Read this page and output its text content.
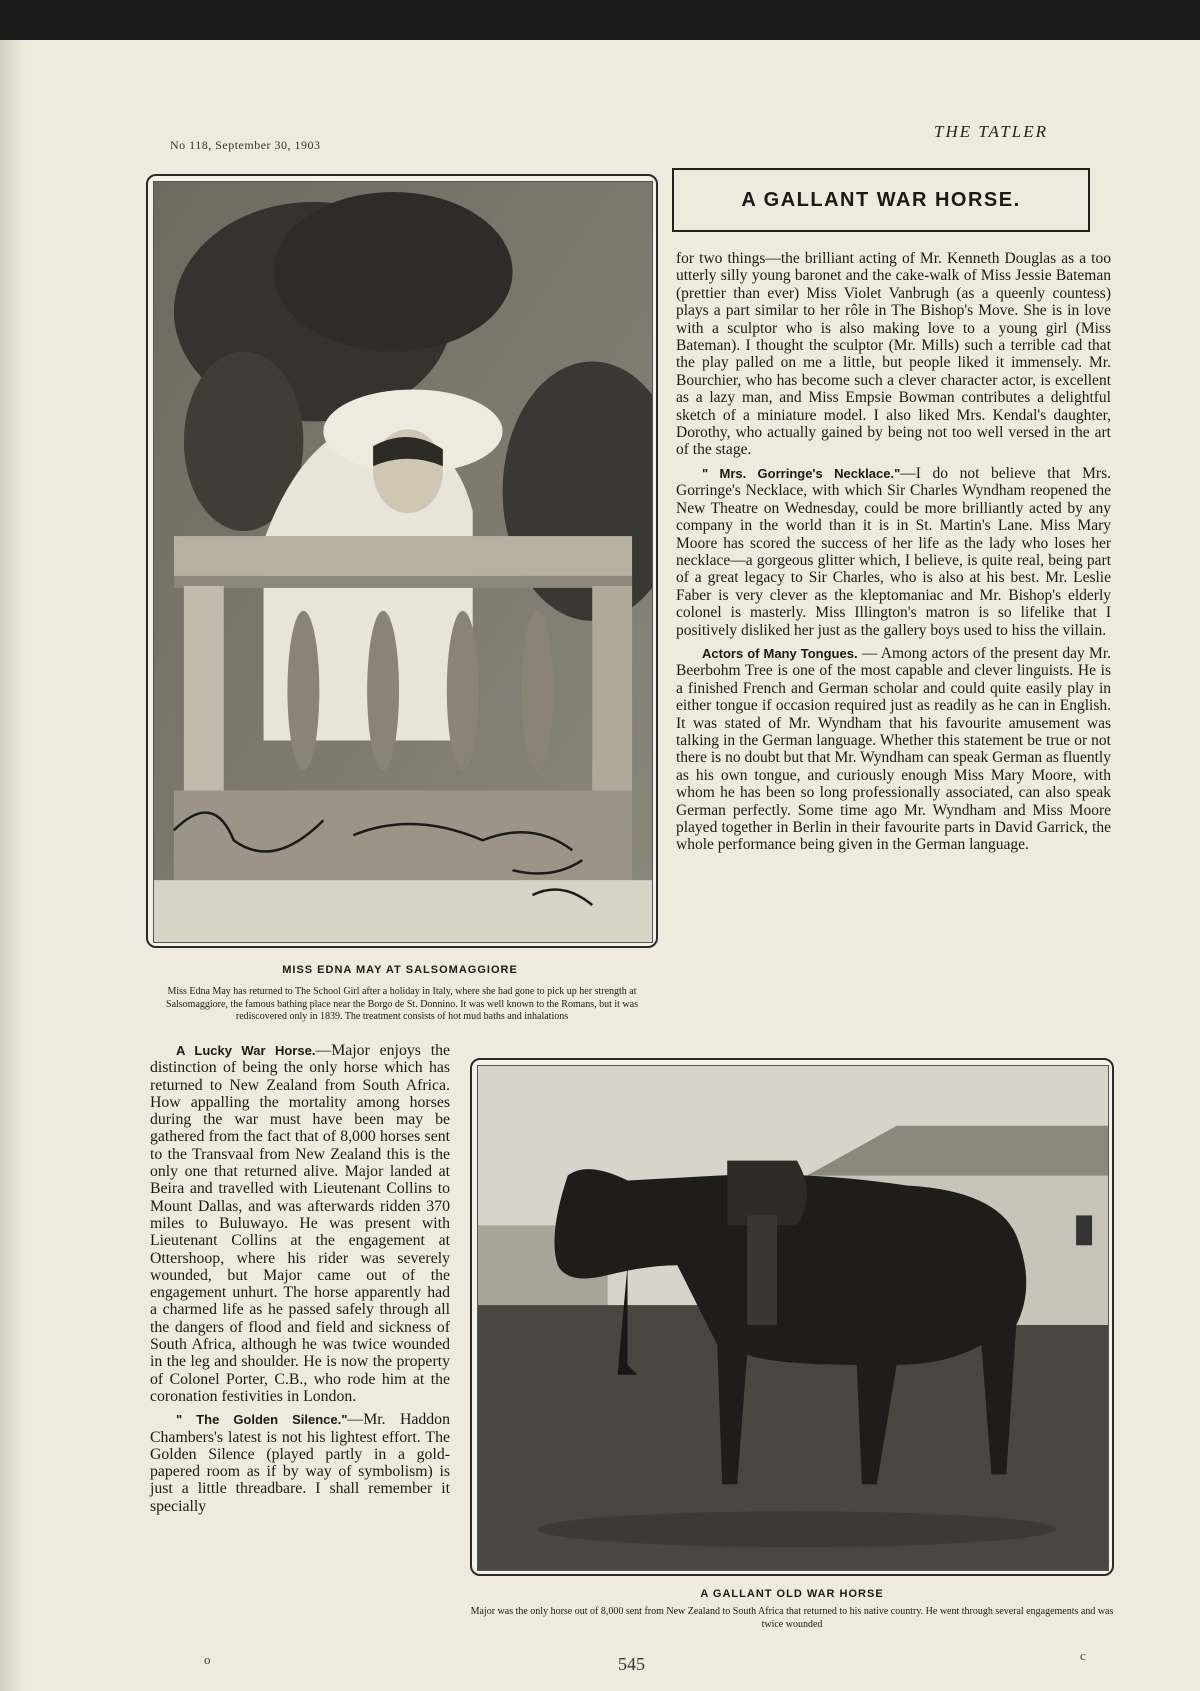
No 118, September 30, 1903
THE TATLER
MISS EDNA MAY AT SALSOMAGGIORE
Miss Edna May has returned to The School Girl after a holiday in Italy, where she had gone to pick up her strength at Salsomaggiore, the famous bathing place near the Borgo de St. Donnino. It was well known to the Romans, but it was rediscovered only in 1839. The treatment consists of hot mud baths and inhalations
A GALLANT WAR HORSE.

for two things—the brilliant acting of Mr. Kenneth Douglas as a too utterly silly young baronet and the cake-walk of Miss Jessie Bateman (prettier than ever) Miss Violet Vanbrugh (as a queenly countess) plays a part similar to her rôle in The Bishop's Move. She is in love with a sculptor who is also making love to a young girl (Miss Bateman). I thought the sculptor (Mr. Mills) such a terrible cad that the play palled on me a little, but people liked it immensely. Mr. Bourchier, who has become such a clever character actor, is excellent as a lazy man, and Miss Empsie Bowman contributes a delightful sketch of a miniature model. I also liked Mrs. Kendal's daughter, Dorothy, who actually gained by being not too well versed in the art of the stage.

" Mrs. Gorringe's Necklace."—I do not believe that Mrs. Gorringe's Necklace, with which Sir Charles Wyndham reopened the New Theatre on Wednesday, could be more brilliantly acted by any company in the world than it is in St. Martin's Lane. Miss Mary Moore has scored the success of her life as the lady who loses her necklace—a gorgeous glitter which, I believe, is quite real, being part of a great legacy to Sir Charles, who is also at his best. Mr. Leslie Faber is very clever as the kleptomaniac and Mr. Bishop's elderly colonel is masterly. Miss Illington's matron is so lifelike that I positively disliked her just as the gallery boys used to hiss the villain.

Actors of Many Tongues. — Among actors of the present day Mr. Beerbohm Tree is one of the most capable and clever linguists. He is a finished French and German scholar and could quite easily play in either tongue if occasion required just as readily as he can in English. It was stated of Mr. Wyndham that his favourite amusement was talking in the German language. Whether this statement be true or not there is no doubt but that Mr. Wyndham can speak German as fluently as his own tongue, and curiously enough Miss Mary Moore, with whom he has been so long professionally associated, can also speak German perfectly. Some time ago Mr. Wyndham and Miss Moore played together in Berlin in their favourite parts in David Garrick, the whole performance being given in the German language.

A Lucky War Horse.—Major enjoys the distinction of being the only horse which has returned to New Zealand from South Africa. How appalling the mortality among horses during the war must have been may be gathered from the fact that of 8,000 horses sent to the Transvaal from New Zealand this is the only one that returned alive. Major landed at Beira and travelled with Lieutenant Collins to Mount Dallas, and was afterwards ridden 370 miles to Buluwayo. He was present with Lieutenant Collins at the engagement at Ottershoop, where his rider was severely wounded, but Major came out of the engagement unhurt. The horse apparently had a charmed life as he passed safely through all the dangers of flood and field and sickness of South Africa, although he was twice wounded in the leg and shoulder. He is now the property of Colonel Porter, C.B., who rode him at the coronation festivities in London.

" The Golden Silence."—Mr. Haddon Chambers's latest is not his lightest effort. The Golden Silence (played partly in a gold-papered room as if by way of symbolism) is just a little threadbare. I shall remember it specially

A GALLANT OLD WAR HORSE
Major was the only horse out of 8,000 sent from New Zealand to South Africa that returned to his native country. He went through several engagements and was twice wounded
o	545	c
